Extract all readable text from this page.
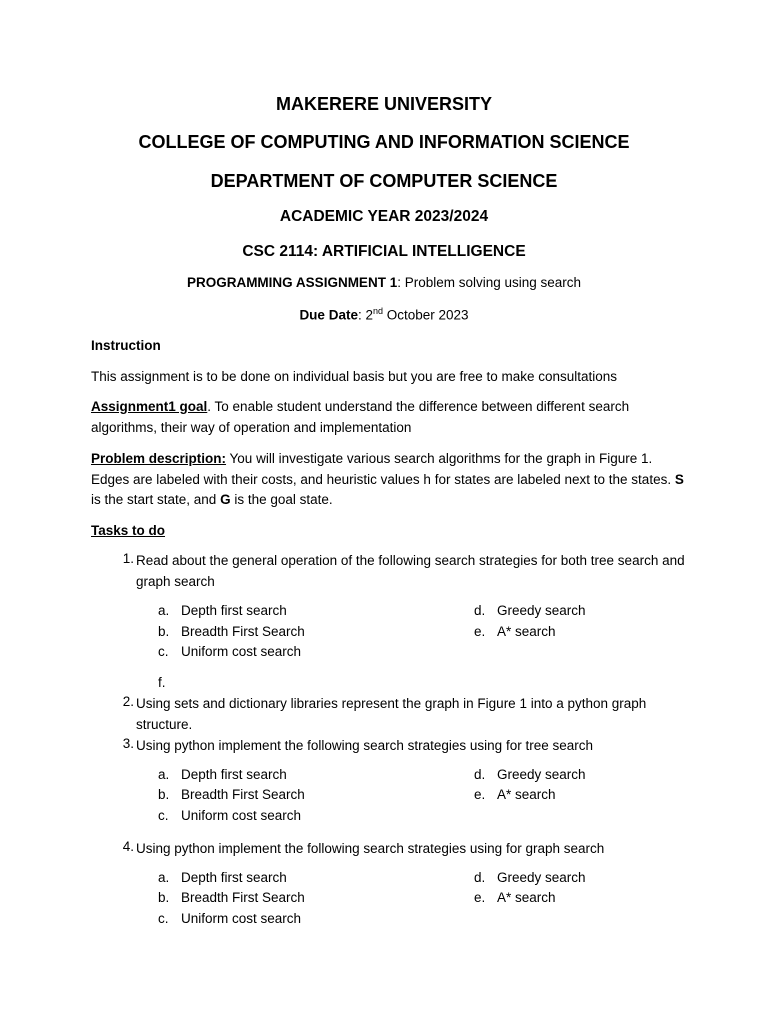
MAKERERE UNIVERSITY
COLLEGE OF COMPUTING AND INFORMATION SCIENCE
DEPARTMENT OF COMPUTER SCIENCE
ACADEMIC YEAR 2023/2024
CSC 2114: ARTIFICIAL INTELLIGENCE
PROGRAMMING ASSIGNMENT 1: Problem solving using search
Due Date: 2nd October 2023
Instruction
This assignment is to be done on individual basis but you are free to make consultations
Assignment1 goal. To enable student understand the difference between different search algorithms, their way of operation and implementation
Problem description: You will investigate various search algorithms for the graph in Figure 1. Edges are labeled with their costs, and heuristic values h for states are labeled next to the states. S is the start state, and G is the goal state.
Tasks to do
1. Read about the general operation of the following search strategies for both tree search and graph search
a. Depth first search
b. Breadth First Search
c. Uniform cost search
d. Greedy search
e. A* search
f.
2. Using sets and dictionary libraries represent the graph in Figure 1 into a python graph structure.
3. Using python implement the following search strategies using for tree search
a. Depth first search
b. Breadth First Search
c. Uniform cost search
d. Greedy search
e. A* search
4. Using python implement the following search strategies using for graph search
a. Depth first search
b. Breadth First Search
c. Uniform cost search
d. Greedy search
e. A* search
